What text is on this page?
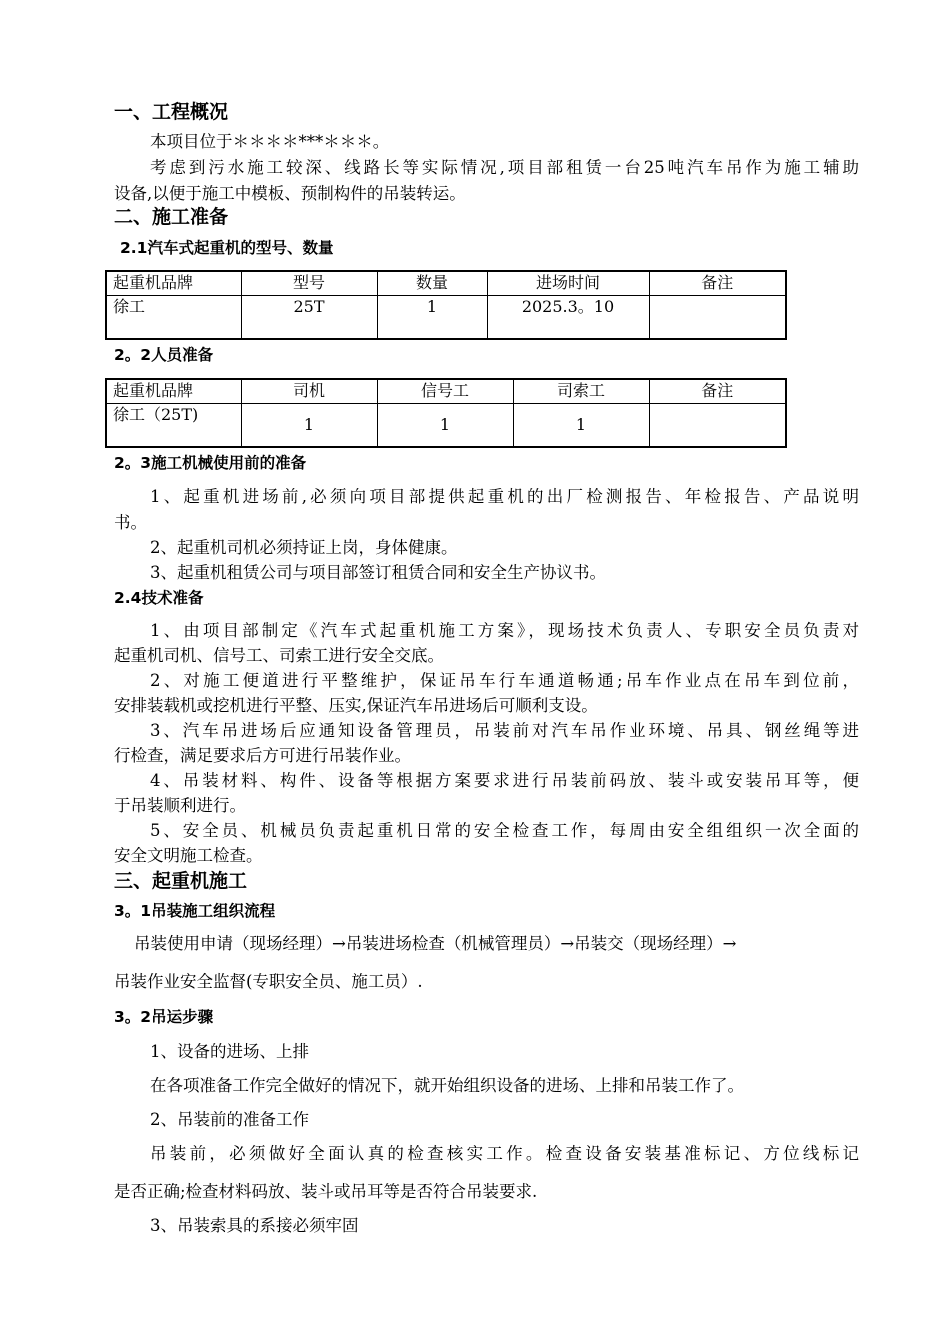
一、工程概况
本项目位于＊＊＊＊***＊＊＊。
考虑到污水施工较深、线路长等实际情况,项目部租赁一台25吨汽车吊作为施工辅助
设备,以便于施工中模板、预制构件的吊装转运。
二、施工准备
2.1汽车式起重机的型号、数量
起重机品牌	型号	数量	进场时间	备注
徐工	25T	1	2025.3。10	
2。2人员准备
起重机品牌	司机	信号工	司索工	备注
徐工（25T)	1	1	1	
2。3施工机械使用前的准备
1、起重机进场前,必须向项目部提供起重机的出厂检测报告、年检报告、产品说明
书。
2、起重机司机必须持证上岗，身体健康。
3、起重机租赁公司与项目部签订租赁合同和安全生产协议书。
2.4技术准备
1、由项目部制定《汽车式起重机施工方案》，现场技术负责人、专职安全员负责对
起重机司机、信号工、司索工进行安全交底。
2、对施工便道进行平整维护，保证吊车行车通道畅通;吊车作业点在吊车到位前，
安排装载机或挖机进行平整、压实,保证汽车吊进场后可顺利支设。
3、汽车吊进场后应通知设备管理员，吊装前对汽车吊作业环境、吊具、钢丝绳等进
行检查，满足要求后方可进行吊装作业。
4、吊装材料、构件、设备等根据方案要求进行吊装前码放、装斗或安装吊耳等，便
于吊装顺利进行。
5、安全员、机械员负责起重机日常的安全检查工作，每周由安全组组织一次全面的
安全文明施工检查。
三、起重机施工
3。1吊装施工组织流程
吊装使用申请（现场经理）→吊装进场检查（机械管理员）→吊装交（现场经理）→
吊装作业安全监督(专职安全员、施工员）.
3。2吊运步骤
1、设备的进场、上排
在各项准备工作完全做好的情况下，就开始组织设备的进场、上排和吊装工作了。
2、吊装前的准备工作
吊装前，必须做好全面认真的检查核实工作。检查设备安装基准标记、方位线标记
是否正确;检查材料码放、装斗或吊耳等是否符合吊装要求.
3、吊装索具的系接必须牢固
